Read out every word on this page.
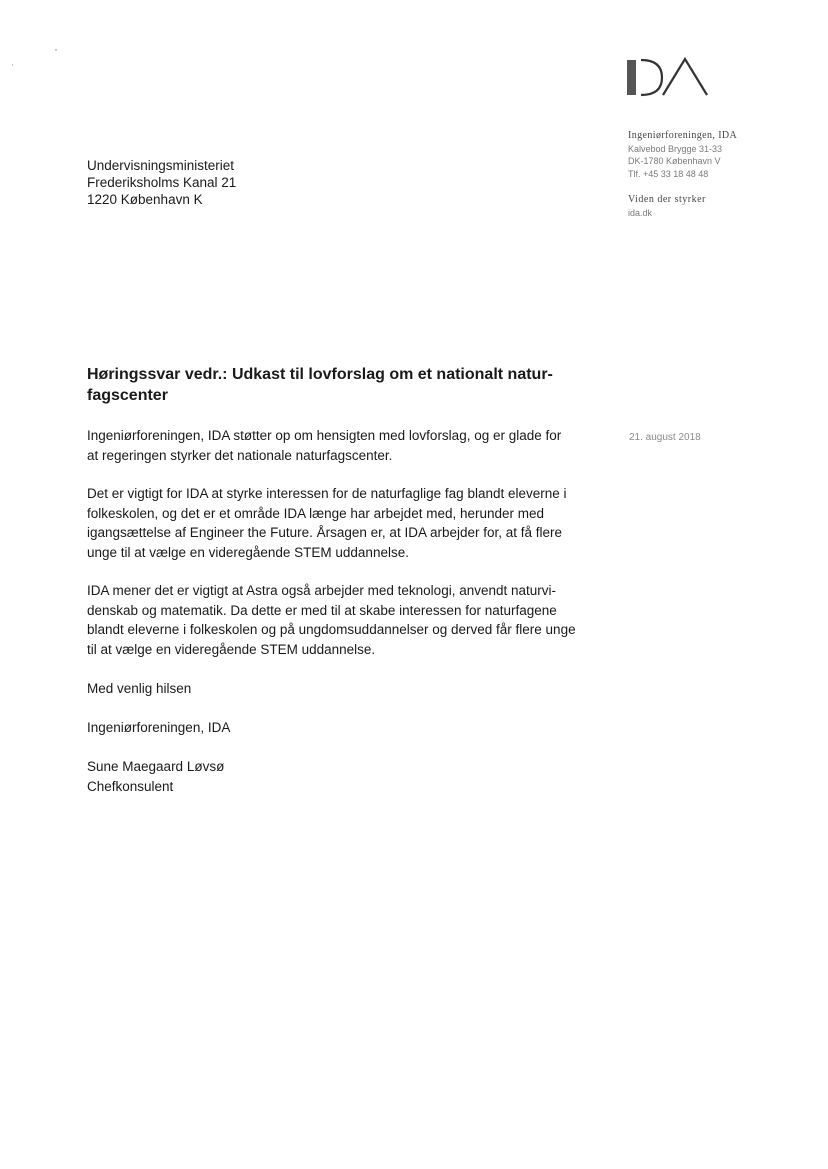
Ingeniørforeningen, IDA
Kalvebod Brygge 31-33
DK-1780 København V
Tlf. +45 33 18 48 48
Viden der styrker
ida.dk
Undervisningsministeriet
Frederiksholms Kanal 21
1220 København K
Høringssvar vedr.: Udkast til lovforslag om et nationalt natur-
fagscenter
21. august 2018
Ingeniørforeningen, IDA støtter op om hensigten med lovforslag, og er glade for
at regeringen styrker det nationale naturfagscenter.
Det er vigtigt for IDA at styrke interessen for de naturfaglige fag blandt eleverne i
folkeskolen, og det er et område IDA længe har arbejdet med, herunder med
igangsættelse af Engineer the Future. Årsagen er, at IDA arbejder for, at få flere
unge til at vælge en videregående STEM uddannelse.
IDA mener det er vigtigt at Astra også arbejder med teknologi, anvendt naturvi-
denskab og matematik. Da dette er med til at skabe interessen for naturfagene
blandt eleverne i folkeskolen og på ungdomsuddannelser og derved får flere unge
til at vælge en videregående STEM uddannelse.
Med venlig hilsen
Ingeniørforeningen, IDA
Sune Maegaard Løvsø
Chefkonsulent
